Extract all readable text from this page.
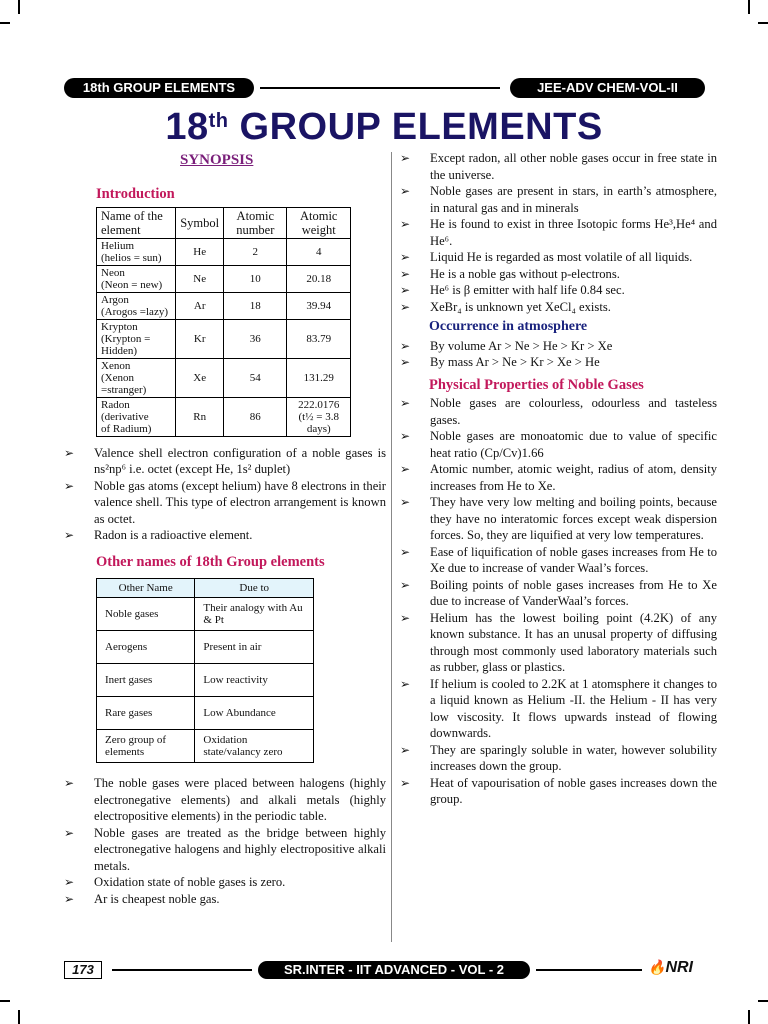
18th GROUP ELEMENTS	JEE-ADV CHEM-VOL-II
18th GROUP ELEMENTS
SYNOPSIS
Introduction
Name of the element	Symbol	Atomic number	Atomic weight
Helium
(helios = sun)	He	2	4
Neon
(Neon = new)	Ne	10	20.18
Argon
(Arogos =lazy)	Ar	18	39.94
Krypton
(Krypton = Hidden)	Kr	36	83.79
Xenon
(Xenon =stranger)	Xe	54	131.29
Radon
(derivative
of Radium)	Rn	86	222.0176
(t½ = 3.8
days)
➢ Valence shell electron configuration of a noble gases is ns²np⁶ i.e. octet (except He, 1s² duplet)
➢ Noble gas atoms (except helium) have 8 electrons in their valence shell. This type of electron arrangement is known as octet.
➢ Radon is a radioactive element.
Other names of 18th Group elements
Other Name	Due to
Noble gases	Their analogy with Au & Pt
Aerogens	Present in air
Inert gases	Low reactivity
Rare gases	Low Abundance
Zero group of elements	Oxidation state/valancy zero
➢ The noble gases were placed between halogens (highly electronegative elements) and alkali metals (highly electropositive elements) in the periodic table.
➢ Noble gases are treated as the bridge between highly electronegative halogens and highly electropositive alkali metals.
➢ Oxidation state of noble gases is zero.
➢ Ar is cheapest noble gas.
➢ Except radon, all other noble gases occur in free state in the universe.
➢ Noble gases are present in stars, in earth’s atmosphere, in natural gas and in minerals
➢ He is found to exist in three Isotopic forms He³,He⁴ and He⁶.
➢ Liquid He is regarded as most volatile of all liquids.
➢ He is a noble gas without p-electrons.
➢ He⁶ is β emitter with half life 0.84 sec.
➢ XeBr₄ is unknown yet XeCl₄ exists.
Occurrence in atmosphere
➢ By volume Ar > Ne > He > Kr > Xe
➢ By mass Ar > Ne > Kr > Xe > He
Physical Properties of Noble Gases
➢ Noble gases are colourless, odourless and tasteless gases.
➢ Noble gases are monoatomic due to value of specific heat ratio (Cp/Cv)1.66
➢ Atomic number, atomic weight, radius of atom, density increases from He to Xe.
➢ They have very low melting and boiling points, because they have no interatomic forces except weak dispersion forces. So, they are liquified at very low temperatures.
➢ Ease of liquification of noble gases increases from He to Xe due to increase of vander Waal’s forces.
➢ Boiling points of noble gases increases from He to Xe due to increase of VanderWaal’s forces.
➢ Helium has the lowest boiling point (4.2K) of any known substance. It has an unusal property of diffusing through most commonly used laboratory materials such as rubber, glass or plastics.
➢ If helium is cooled to 2.2K at 1 atomsphere it changes to a liquid known as Helium -II. the Helium - II has very low viscosity. It flows upwards instead of flowing downwards.
➢ They are sparingly soluble in water, however solubility increases down the group.
➢ Heat of vapourisation of noble gases increases down the group.
173	SR.INTER - IIT ADVANCED - VOL - 2	🔥NRI
